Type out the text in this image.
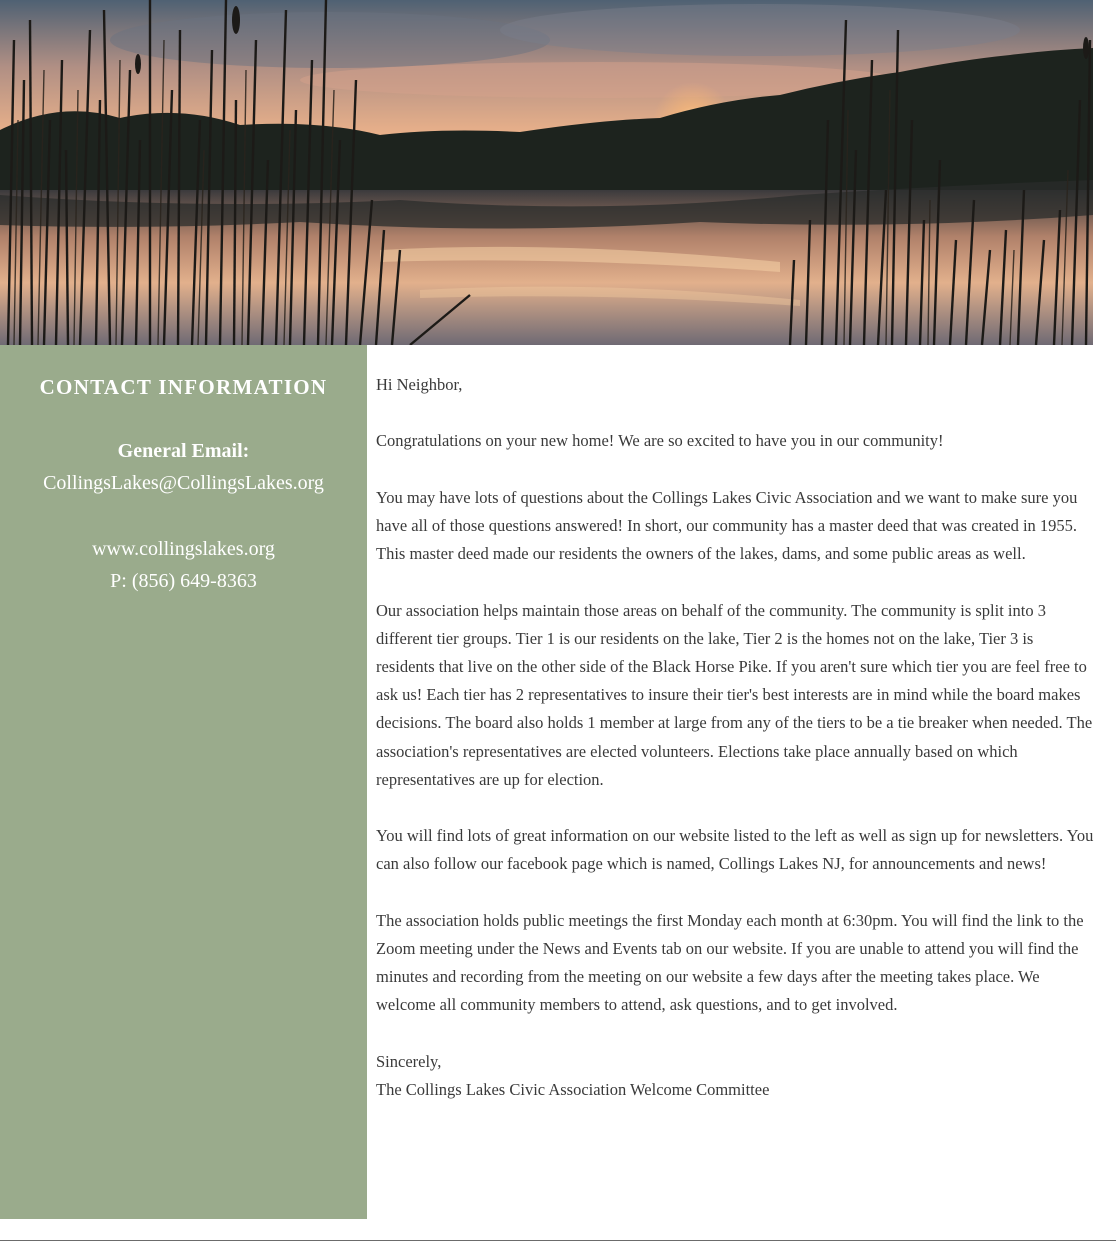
CONTACT INFORMATION
General Email:
CollingsLakes@CollingsLakes.org
www.collingslakes.org
P: (856) 649-8363

Hi Neighbor,

Congratulations on your new home! We are so excited to have you in our community!

You may have lots of questions about the Collings Lakes Civic Association and we want to make sure you have all of those questions answered! In short, our community has a master deed that was created in 1955. This master deed made our residents the owners of the lakes, dams, and some public areas as well.

Our association helps maintain those areas on behalf of the community. The community is split into 3 different tier groups. Tier 1 is our residents on the lake, Tier 2 is the homes not on the lake, Tier 3 is residents that live on the other side of the Black Horse Pike. If you aren't sure which tier you are feel free to ask us! Each tier has 2 representatives to insure their tier's best interests are in mind while the board makes decisions. The board also holds 1 member at large from any of the tiers to be a tie breaker when needed. The association's representatives are elected volunteers. Elections take place annually based on which representatives are up for election.

You will find lots of great information on our website listed to the left as well as sign up for newsletters. You can also follow our facebook page which is named, Collings Lakes NJ, for announcements and news!

The association holds public meetings the first Monday each month at 6:30pm. You will find the link to the Zoom meeting under the News and Events tab on our website. If you are unable to attend you will find the minutes and recording from the meeting on our website a few days after the meeting takes place. We welcome all community members to attend, ask questions, and to get involved.

Sincerely,

The Collings Lakes Civic Association Welcome Committee
